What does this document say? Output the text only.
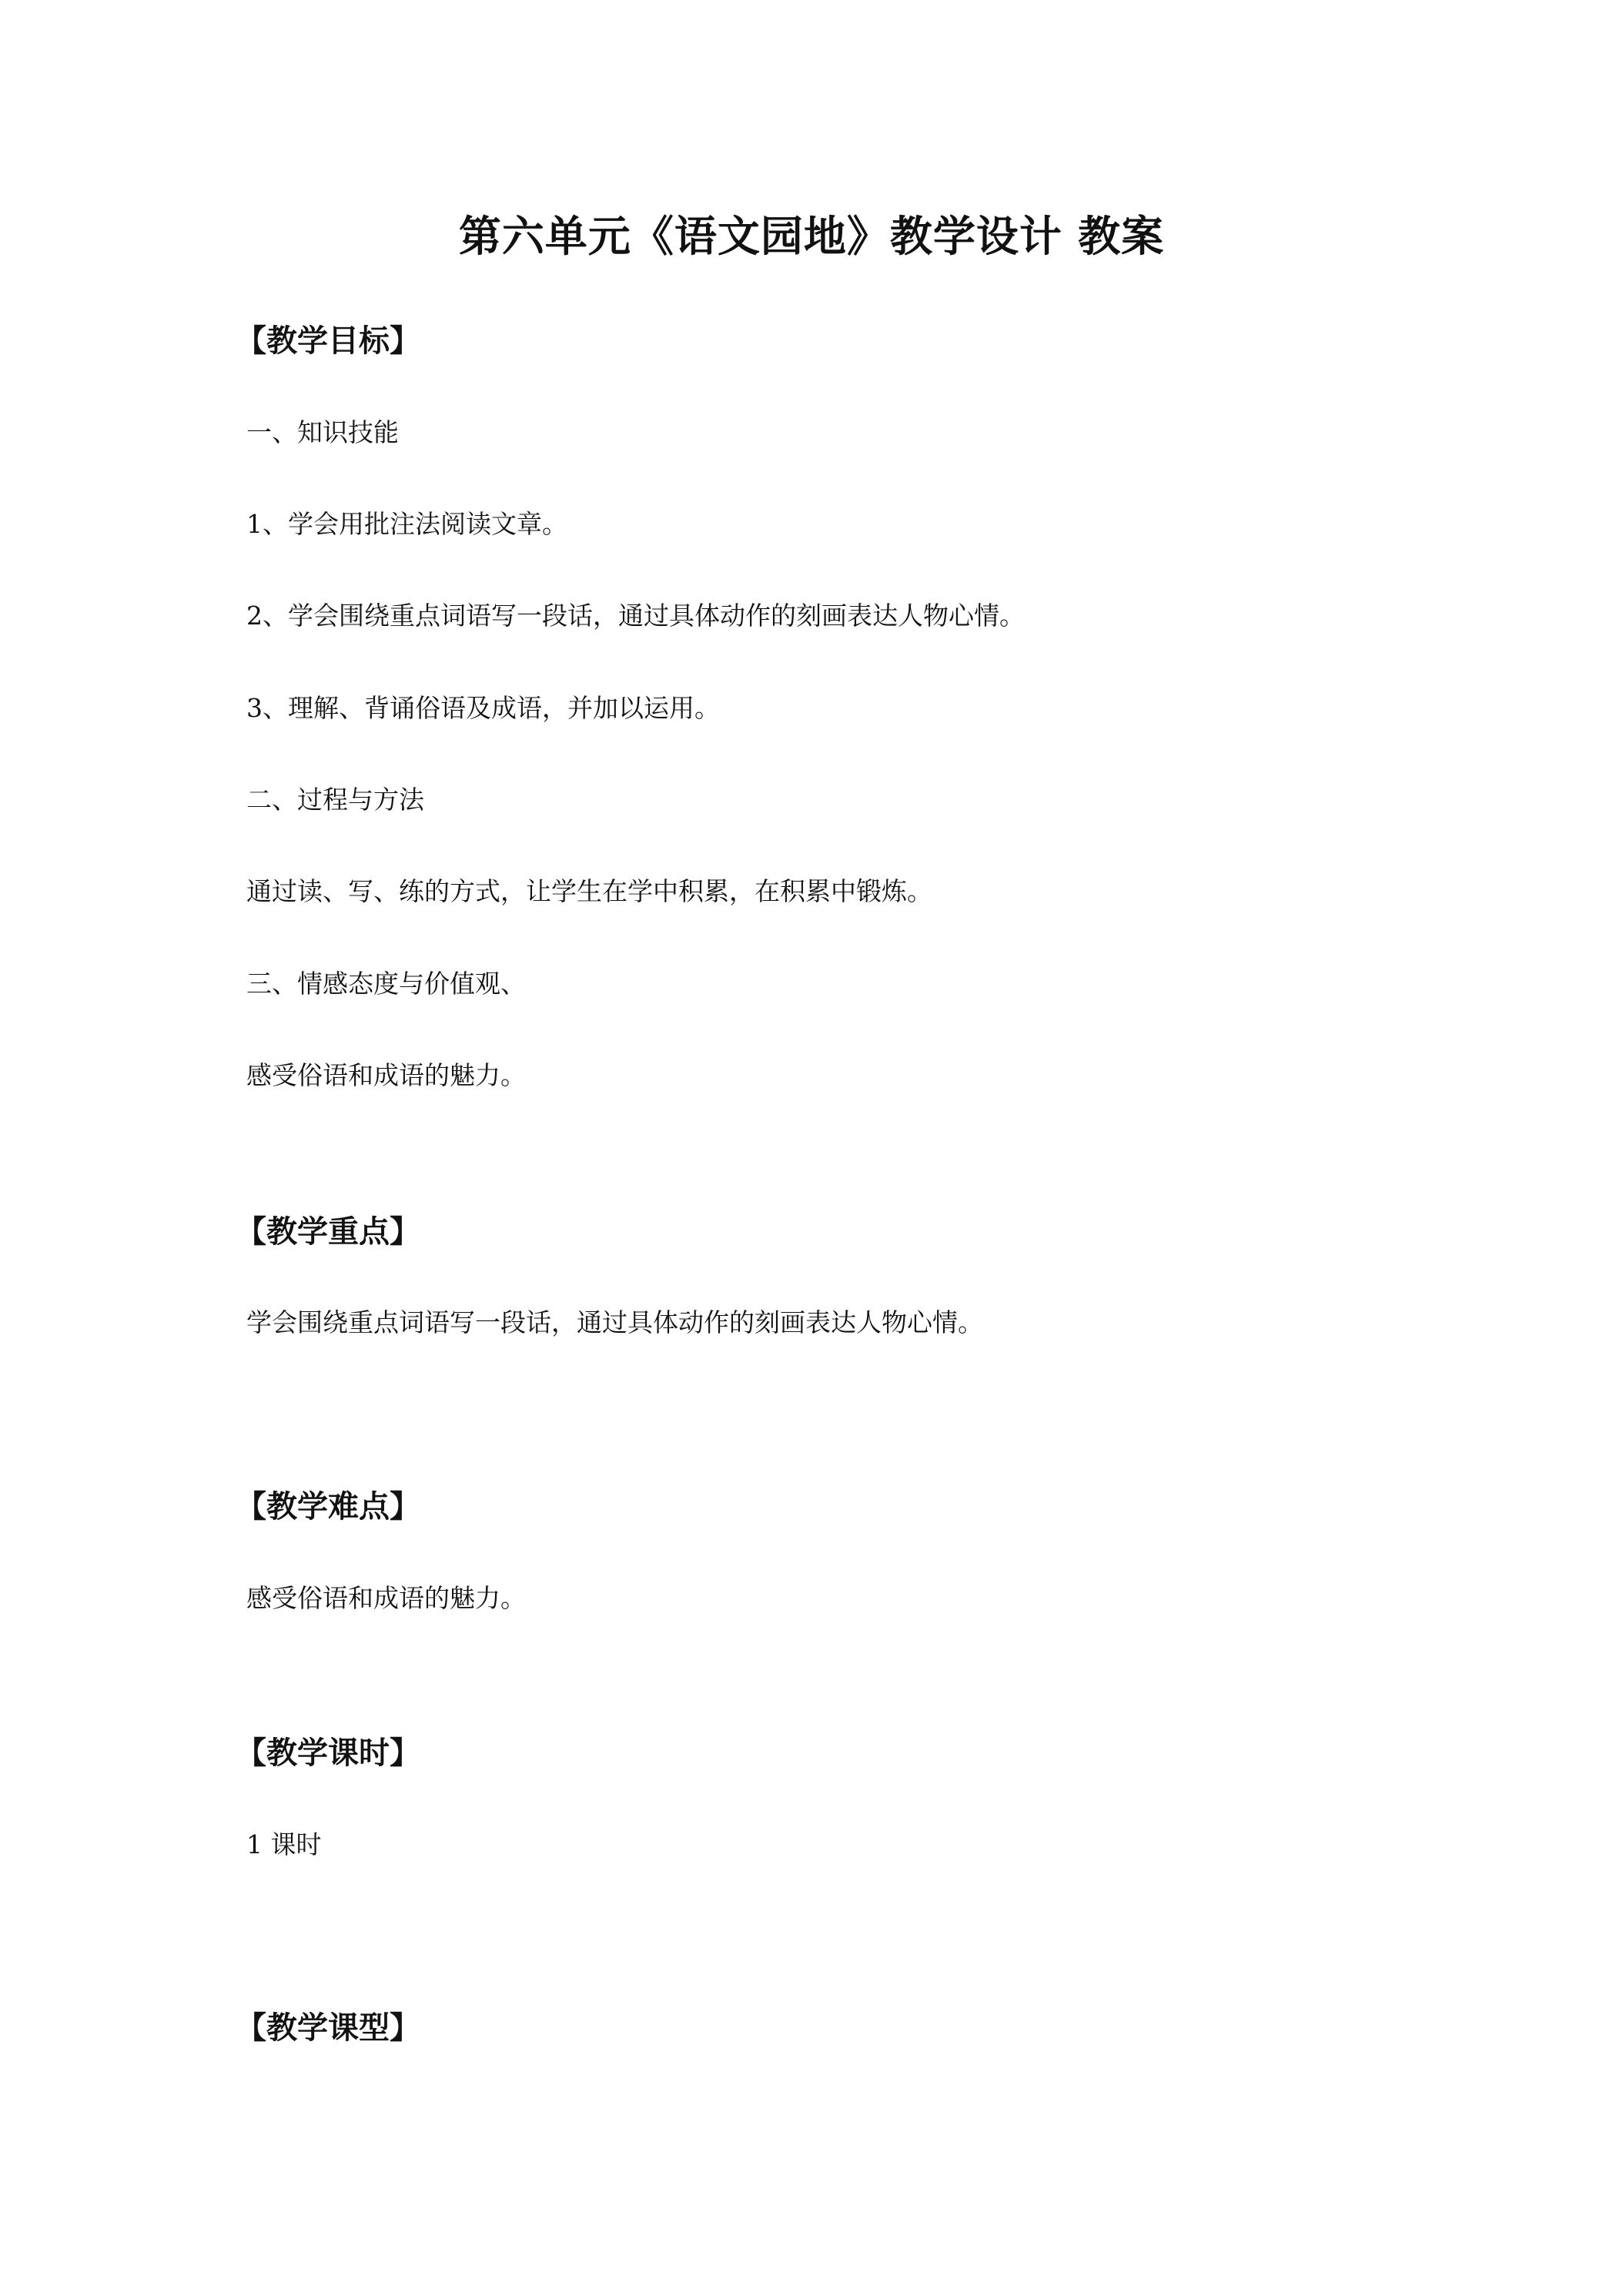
第六单元《语文园地》教学设计 教案
【教学目标】
一、知识技能
1、学会用批注法阅读文章。
2、学会围绕重点词语写一段话，通过具体动作的刻画表达人物心情。
3、理解、背诵俗语及成语，并加以运用。
二、过程与方法
通过读、写、练的方式，让学生在学中积累，在积累中锻炼。
三、情感态度与价值观、
感受俗语和成语的魅力。
【教学重点】
学会围绕重点词语写一段话，通过具体动作的刻画表达人物心情。
【教学难点】
感受俗语和成语的魅力。
【教学课时】
1 课时
【教学课型】
